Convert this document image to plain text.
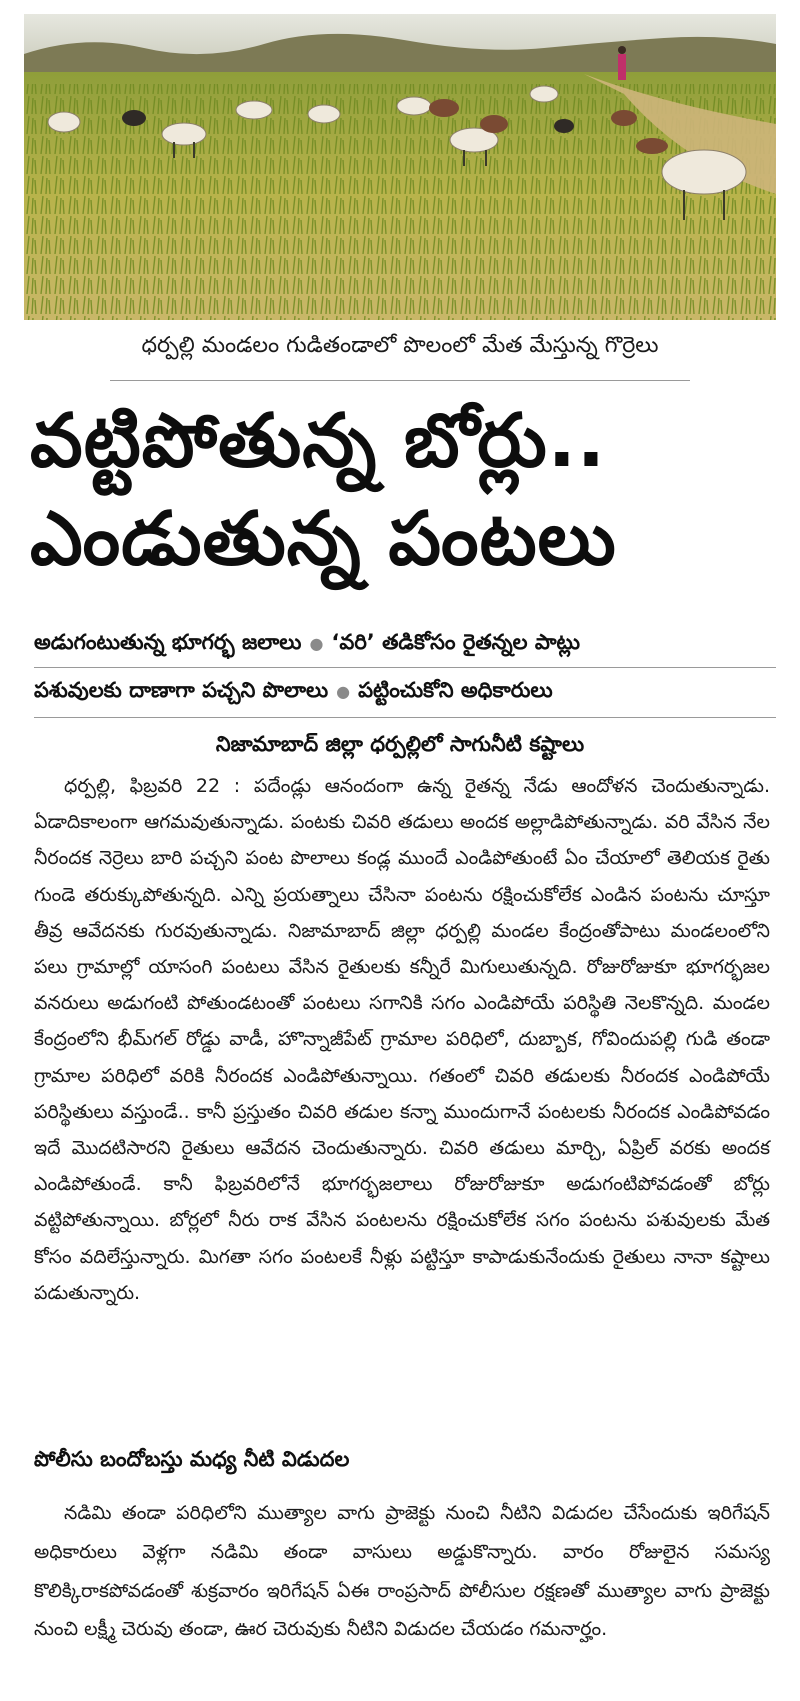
ధర్పల్లి మండలం గుడితండాలో పొలంలో మేత మేస్తున్న గొర్రెలు
వట్టిపోతున్న బోర్లు..
ఎండుతున్న పంటలు
అడుగంటుతున్న భూగర్భ జలాలు ● ‘వరి’ తడికోసం రైతన్నల పాట్లు
పశువులకు దాణాగా పచ్చని పొలాలు ● పట్టించుకోని అధికారులు
నిజామాబాద్ జిల్లా ధర్పల్లిలో సాగునీటి కష్టాలు

ధర్పల్లి, ఫిబ్రవరి 22 : పదేండ్లు ఆనందంగా ఉన్న రైతన్న నేడు ఆందోళన చెందుతున్నాడు. ఏడాదికాలంగా ఆగమవుతున్నాడు. పంటకు చివరి తడులు అందక అల్లాడిపోతున్నాడు. వరి వేసిన నేల నీరందక నెర్రెలు బారి పచ్చని పంట పొలాలు కండ్ల ముందే ఎండిపోతుంటే ఏం చేయాలో తెలియక రైతు గుండె తరుక్కుపోతున్నది. ఎన్ని ప్రయత్నాలు చేసినా పంటను రక్షించుకోలేక ఎండిన పంటను చూస్తూ తీవ్ర ఆవేదనకు గురవుతున్నాడు. నిజామాబాద్ జిల్లా ధర్పల్లి మండల కేంద్రంతోపాటు మండలంలోని పలు గ్రామాల్లో యాసంగి పంటలు వేసిన రైతులకు కన్నీరే మిగులుతున్నది. రోజురోజుకూ భూగర్భజల వనరులు అడుగంటి పోతుండటంతో పంటలు సగానికి సగం ఎండిపోయే పరిస్థితి నెలకొన్నది. మండల కేంద్రంలోని భీమ్‌గల్ రోడ్డు వాడీ, హొన్నాజీపేట్ గ్రామాల పరిధిలో, దుబ్బాక, గోవిందుపల్లి గుడి తండా గ్రామాల పరిధిలో వరికి నీరందక ఎండిపోతున్నాయి. గతంలో చివరి తడులకు నీరందక ఎండిపోయే పరిస్థితులు వస్తుండే.. కానీ ప్రస్తుతం చివరి తడుల కన్నా ముందుగానే పంటలకు నీరందక ఎండిపోవడం ఇదే మొదటిసారని రైతులు ఆవేదన చెందుతున్నారు. చివరి తడులు మార్చి, ఏప్రిల్ వరకు అందక ఎండిపోతుండే. కానీ ఫిబ్రవరిలోనే భూగర్భజలాలు రోజురోజుకూ అడుగంటిపోవడంతో బోర్లు వట్టిపోతున్నాయి. బోర్లలో నీరు రాక వేసిన పంటలను రక్షించుకోలేక సగం పంటను పశువులకు మేత కోసం వదిలేస్తున్నారు. మిగతా సగం పంటలకే నీళ్లు పట్టిస్తూ కాపాడుకునేందుకు రైతులు నానా కష్టాలు పడుతున్నారు.

పోలీసు బందోబస్తు మధ్య నీటి విడుదల

నడిమి తండా పరిధిలోని ముత్యాల వాగు ప్రాజెక్టు నుంచి నీటిని విడుదల చేసేందుకు ఇరిగేషన్ అధికారులు వెళ్లగా నడిమి తండా వాసులు అడ్డుకొన్నారు. వారం రోజులైన సమస్య కొలిక్కిరాకపోవడంతో శుక్రవారం ఇరిగేషన్ ఏఈ రాంప్రసాద్ పోలీసుల రక్షణతో ముత్యాల వాగు ప్రాజెక్టు నుంచి లక్ష్మీ చెరువు తండా, ఊర చెరువుకు నీటిని విడుదల చేయడం గమనార్హం.
